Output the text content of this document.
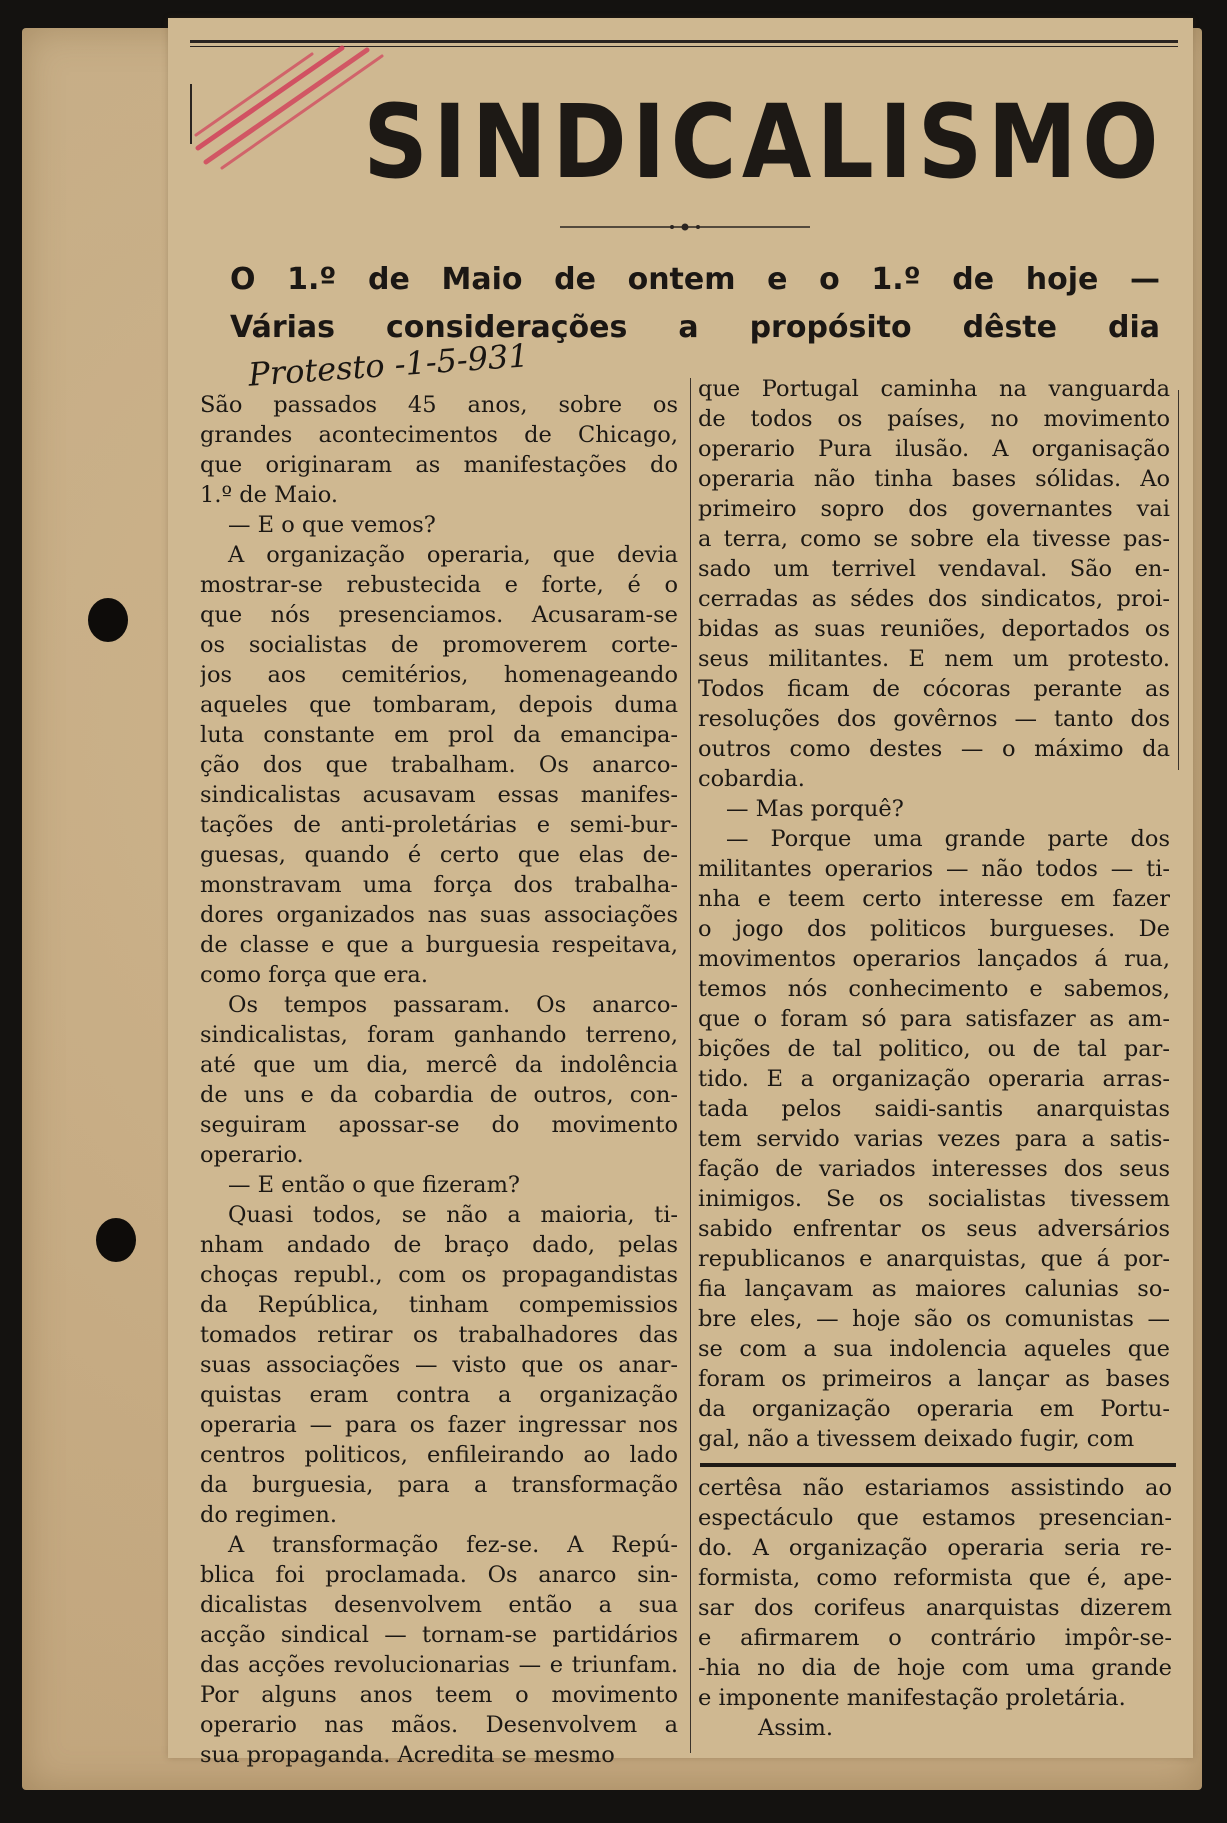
SINDICALISMO
O 1.º de Maio de ontem e o 1.º de hoje —
Várias considerações a propósito dêste dia
Protesto -1-5-931
São passados 45 anos, sobre os
grandes acontecimentos de Chicago,
que originaram as manifestações do
1.º de Maio.
— E o que vemos?
A organização operaria, que devia
mostrar-se rebustecida e forte, é o
que nós presenciamos. Acusaram-se
os socialistas de promoverem corte-
jos aos cemitérios, homenageando
aqueles que tombaram, depois duma
luta constante em prol da emancipa-
ção dos que trabalham. Os anarco-
sindicalistas acusavam essas manifes-
tações de anti-proletárias e semi-bur-
guesas, quando é certo que elas de-
monstravam uma força dos trabalha-
dores organizados nas suas associações
de classe e que a burguesia respeitava,
como força que era.
Os tempos passaram. Os anarco-
sindicalistas, foram ganhando terreno,
até que um dia, mercê da indolência
de uns e da cobardia de outros, con-
seguiram apossar-se do movimento
operario.
— E então o que fizeram?
Quasi todos, se não a maioria, ti-
nham andado de braço dado, pelas
choças republ., com os propagandistas
da República, tinham compemissios
tomados retirar os trabalhadores das
suas associações — visto que os anar-
quistas eram contra a organização
operaria — para os fazer ingressar nos
centros politicos, enfileirando ao lado
da burguesia, para a transformação
do regimen.
A transformação fez-se. A Repú-
blica foi proclamada. Os anarco sin-
dicalistas desenvolvem então a sua
acção sindical — tornam-se partidários
das acções revolucionarias — e triunfam.
Por alguns anos teem o movimento
operario nas mãos. Desenvolvem a
sua propaganda. Acredita se mesmo
que Portugal caminha na vanguarda
de todos os países, no movimento
operario Pura ilusão. A organisação
operaria não tinha bases sólidas. Ao
primeiro sopro dos governantes vai
a terra, como se sobre ela tivesse pas-
sado um terrivel vendaval. São en-
cerradas as sédes dos sindicatos, proi-
bidas as suas reuniões, deportados os
seus militantes. E nem um protesto.
Todos ficam de cócoras perante as
resoluções dos govêrnos — tanto dos
outros como destes — o máximo da
cobardia.
— Mas porquê?
— Porque uma grande parte dos
militantes operarios — não todos — ti-
nha e teem certo interesse em fazer
o jogo dos politicos burgueses. De
movimentos operarios lançados á rua,
temos nós conhecimento e sabemos,
que o foram só para satisfazer as am-
bições de tal politico, ou de tal par-
tido. E a organização operaria arras-
tada pelos saidi-santis anarquistas
tem servido varias vezes para a satis-
fação de variados interesses dos seus
inimigos. Se os socialistas tivessem
sabido enfrentar os seus adversários
republicanos e anarquistas, que á por-
fia lançavam as maiores calunias so-
bre eles, — hoje são os comunistas —
se com a sua indolencia aqueles que
foram os primeiros a lançar as bases
da organização operaria em Portu-
gal, não a tivessem deixado fugir, com
certêsa não estariamos assistindo ao
espectáculo que estamos presencian-
do. A organização operaria seria re-
formista, como reformista que é, ape-
sar dos corifeus anarquistas dizerem
e afirmarem o contrário impôr-se-
-hia no dia de hoje com uma grande
e imponente manifestação proletária.
Assim.
